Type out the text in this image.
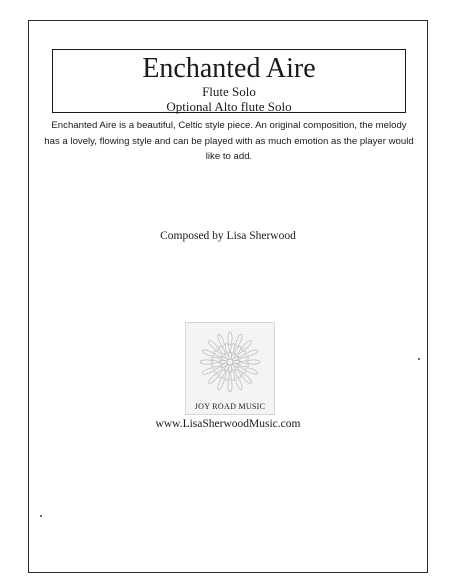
Enchanted Aire
Flute Solo
Optional Alto flute Solo
Enchanted Aire is a beautiful, Celtic style piece. An original composition, the melody has a lovely, flowing style and can be played with as much emotion as the player would like to add.
Composed by Lisa Sherwood
JOY ROAD MUSIC
www.LisaSherwoodMusic.com
